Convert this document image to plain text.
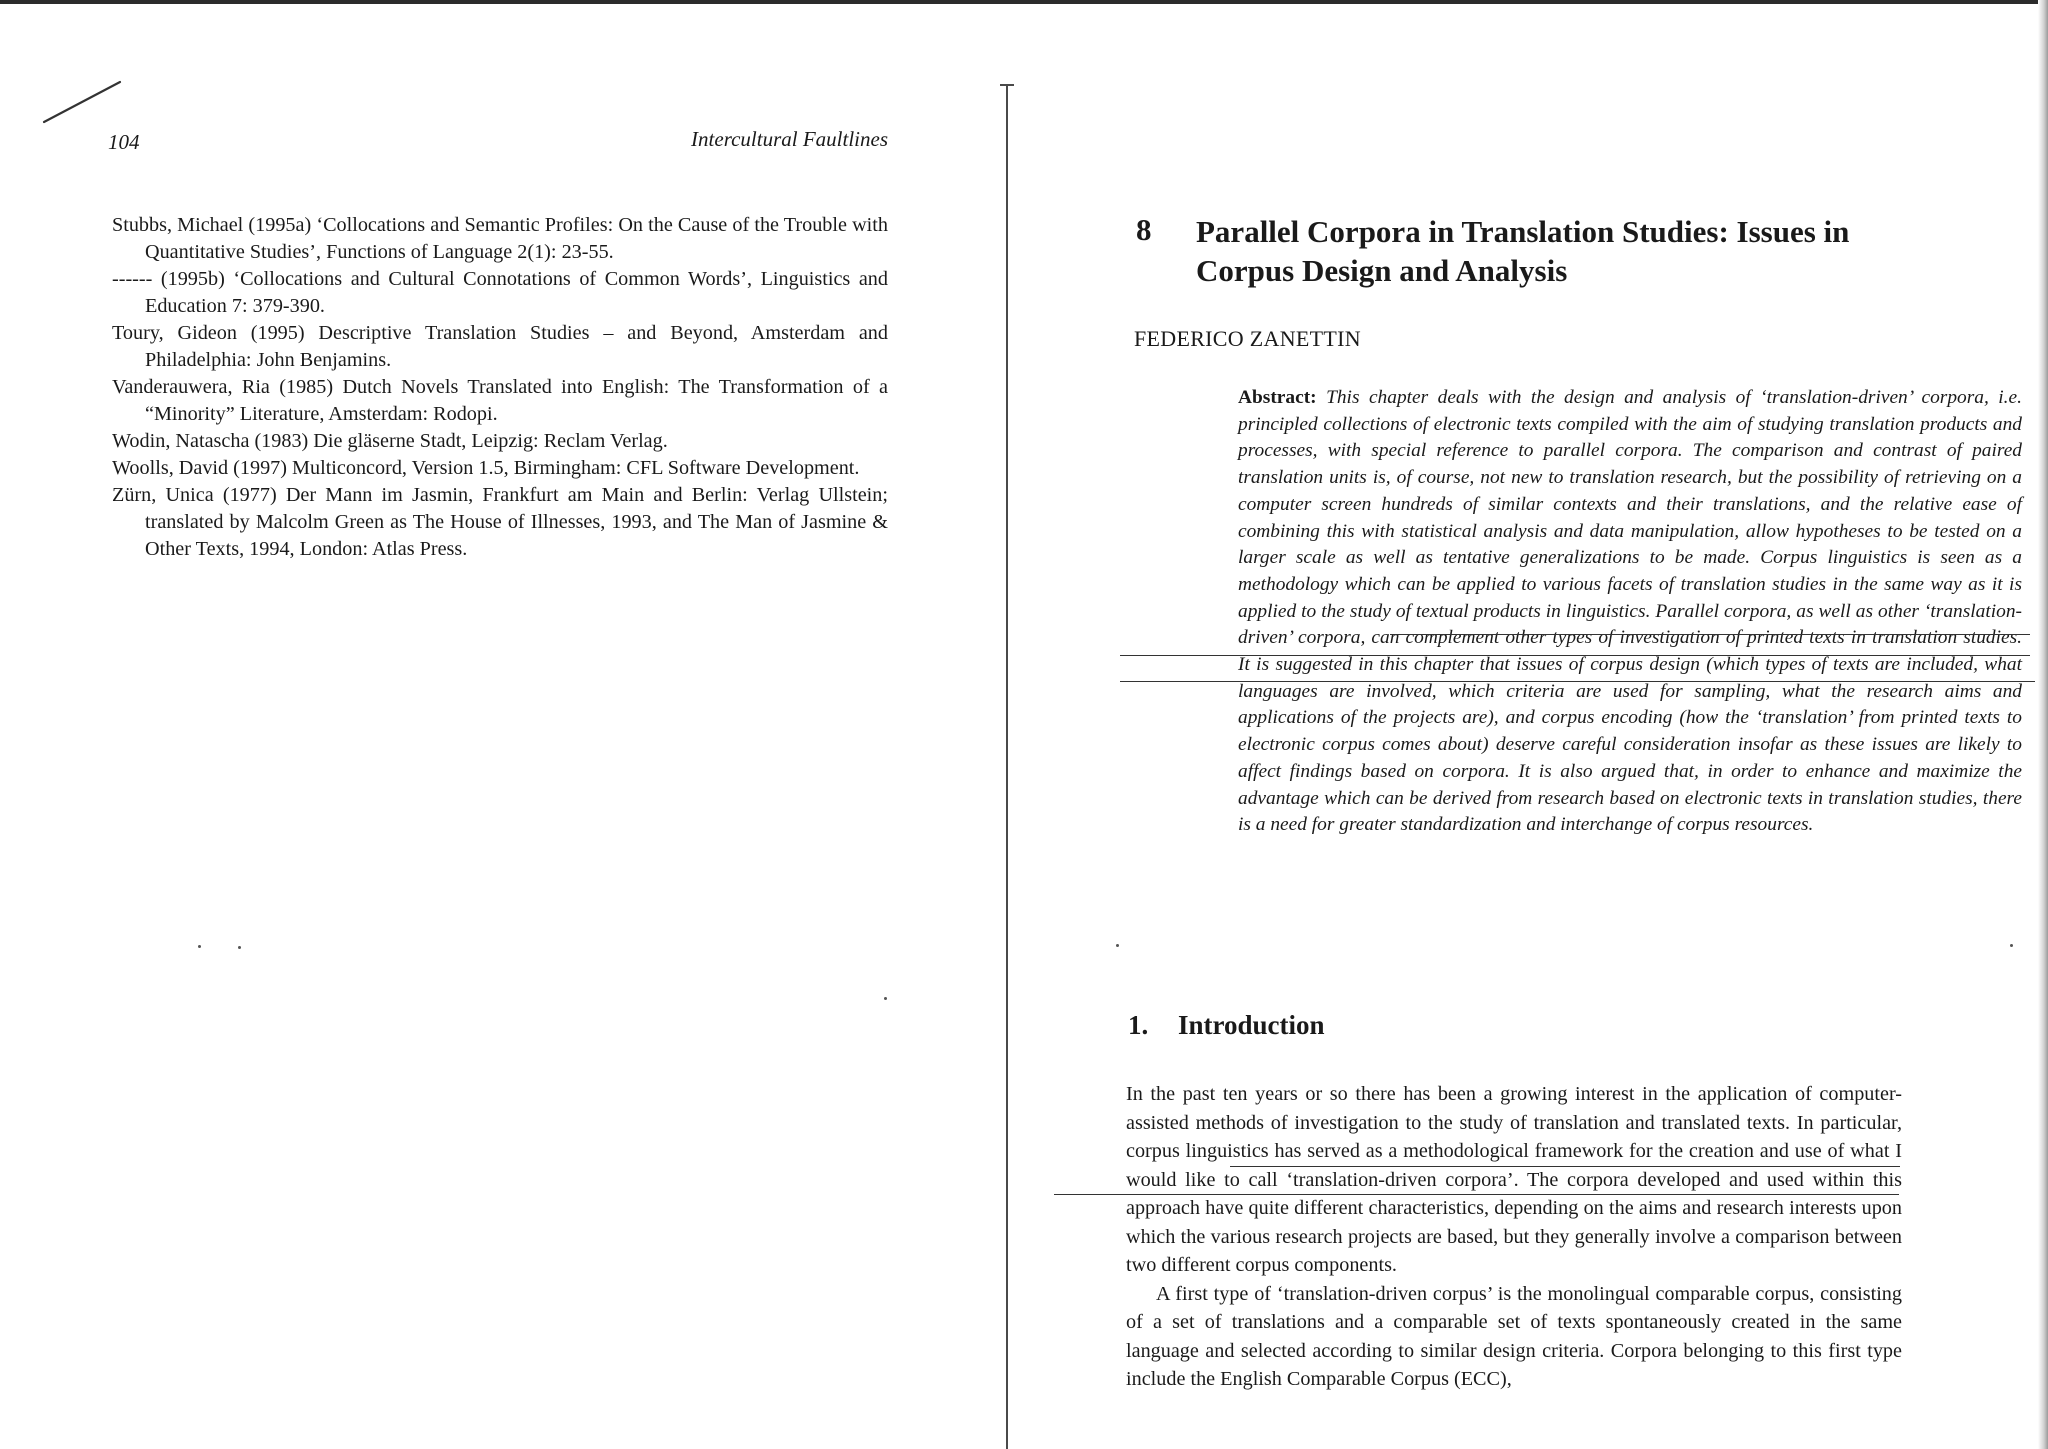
104	Intercultural Faultlines
Stubbs, Michael (1995a) ‘Collocations and Semantic Profiles: On the Cause of the Trouble with Quantitative Studies’, Functions of Language 2(1): 23-55.
------ (1995b) ‘Collocations and Cultural Connotations of Common Words’, Linguistics and Education 7: 379-390.
Toury, Gideon (1995) Descriptive Translation Studies – and Beyond, Amsterdam and Philadelphia: John Benjamins.
Vanderauwera, Ria (1985) Dutch Novels Translated into English: The Transformation of a “Minority” Literature, Amsterdam: Rodopi.
Wodin, Natascha (1983) Die gläserne Stadt, Leipzig: Reclam Verlag.
Woolls, David (1997) Multiconcord, Version 1.5, Birmingham: CFL Software Development.
Zürn, Unica (1977) Der Mann im Jasmin, Frankfurt am Main and Berlin: Verlag Ullstein; translated by Malcolm Green as The House of Illnesses, 1993, and The Man of Jasmine & Other Texts, 1994, London: Atlas Press.
8 Parallel Corpora in Translation Studies: Issues in Corpus Design and Analysis
FEDERICO ZANETTIN
Abstract: This chapter deals with the design and analysis of ‘translation-driven’ corpora, i.e. principled collections of electronic texts compiled with the aim of studying translation products and processes, with special reference to parallel corpora. The comparison and contrast of paired translation units is, of course, not new to translation research, but the possibility of retrieving on a computer screen hundreds of similar contexts and their translations, and the relative ease of combining this with statistical analysis and data manipulation, allow hypotheses to be tested on a larger scale as well as tentative generalizations to be made. Corpus linguistics is seen as a methodology which can be applied to various facets of translation studies in the same way as it is applied to the study of textual products in linguistics. Parallel corpora, as well as other ‘translation-driven’ corpora, can complement other types of investigation of printed texts in translation studies. It is suggested in this chapter that issues of corpus design (which types of texts are included, what languages are involved, which criteria are used for sampling, what the research aims and applications of the projects are), and corpus encoding (how the ‘translation’ from printed texts to electronic corpus comes about) deserve careful consideration insofar as these issues are likely to affect findings based on corpora. It is also argued that, in order to enhance and maximize the advantage which can be derived from research based on electronic texts in translation studies, there is a need for greater standardization and interchange of corpus resources.
1. Introduction

In the past ten years or so there has been a growing interest in the application of computer-assisted methods of investigation to the study of translation and translated texts. In particular, corpus linguistics has served as a methodological framework for the creation and use of what I would like to call ‘translation-driven corpora’. The corpora developed and used within this approach have quite different characteristics, depending on the aims and research interests upon which the various research projects are based, but they generally involve a comparison between two different corpus components.

A first type of ‘translation-driven corpus’ is the monolingual comparable corpus, consisting of a set of translations and a comparable set of texts spontaneously created in the same language and selected according to similar design criteria. Corpora belonging to this first type include the English Comparable Corpus (ECC),
